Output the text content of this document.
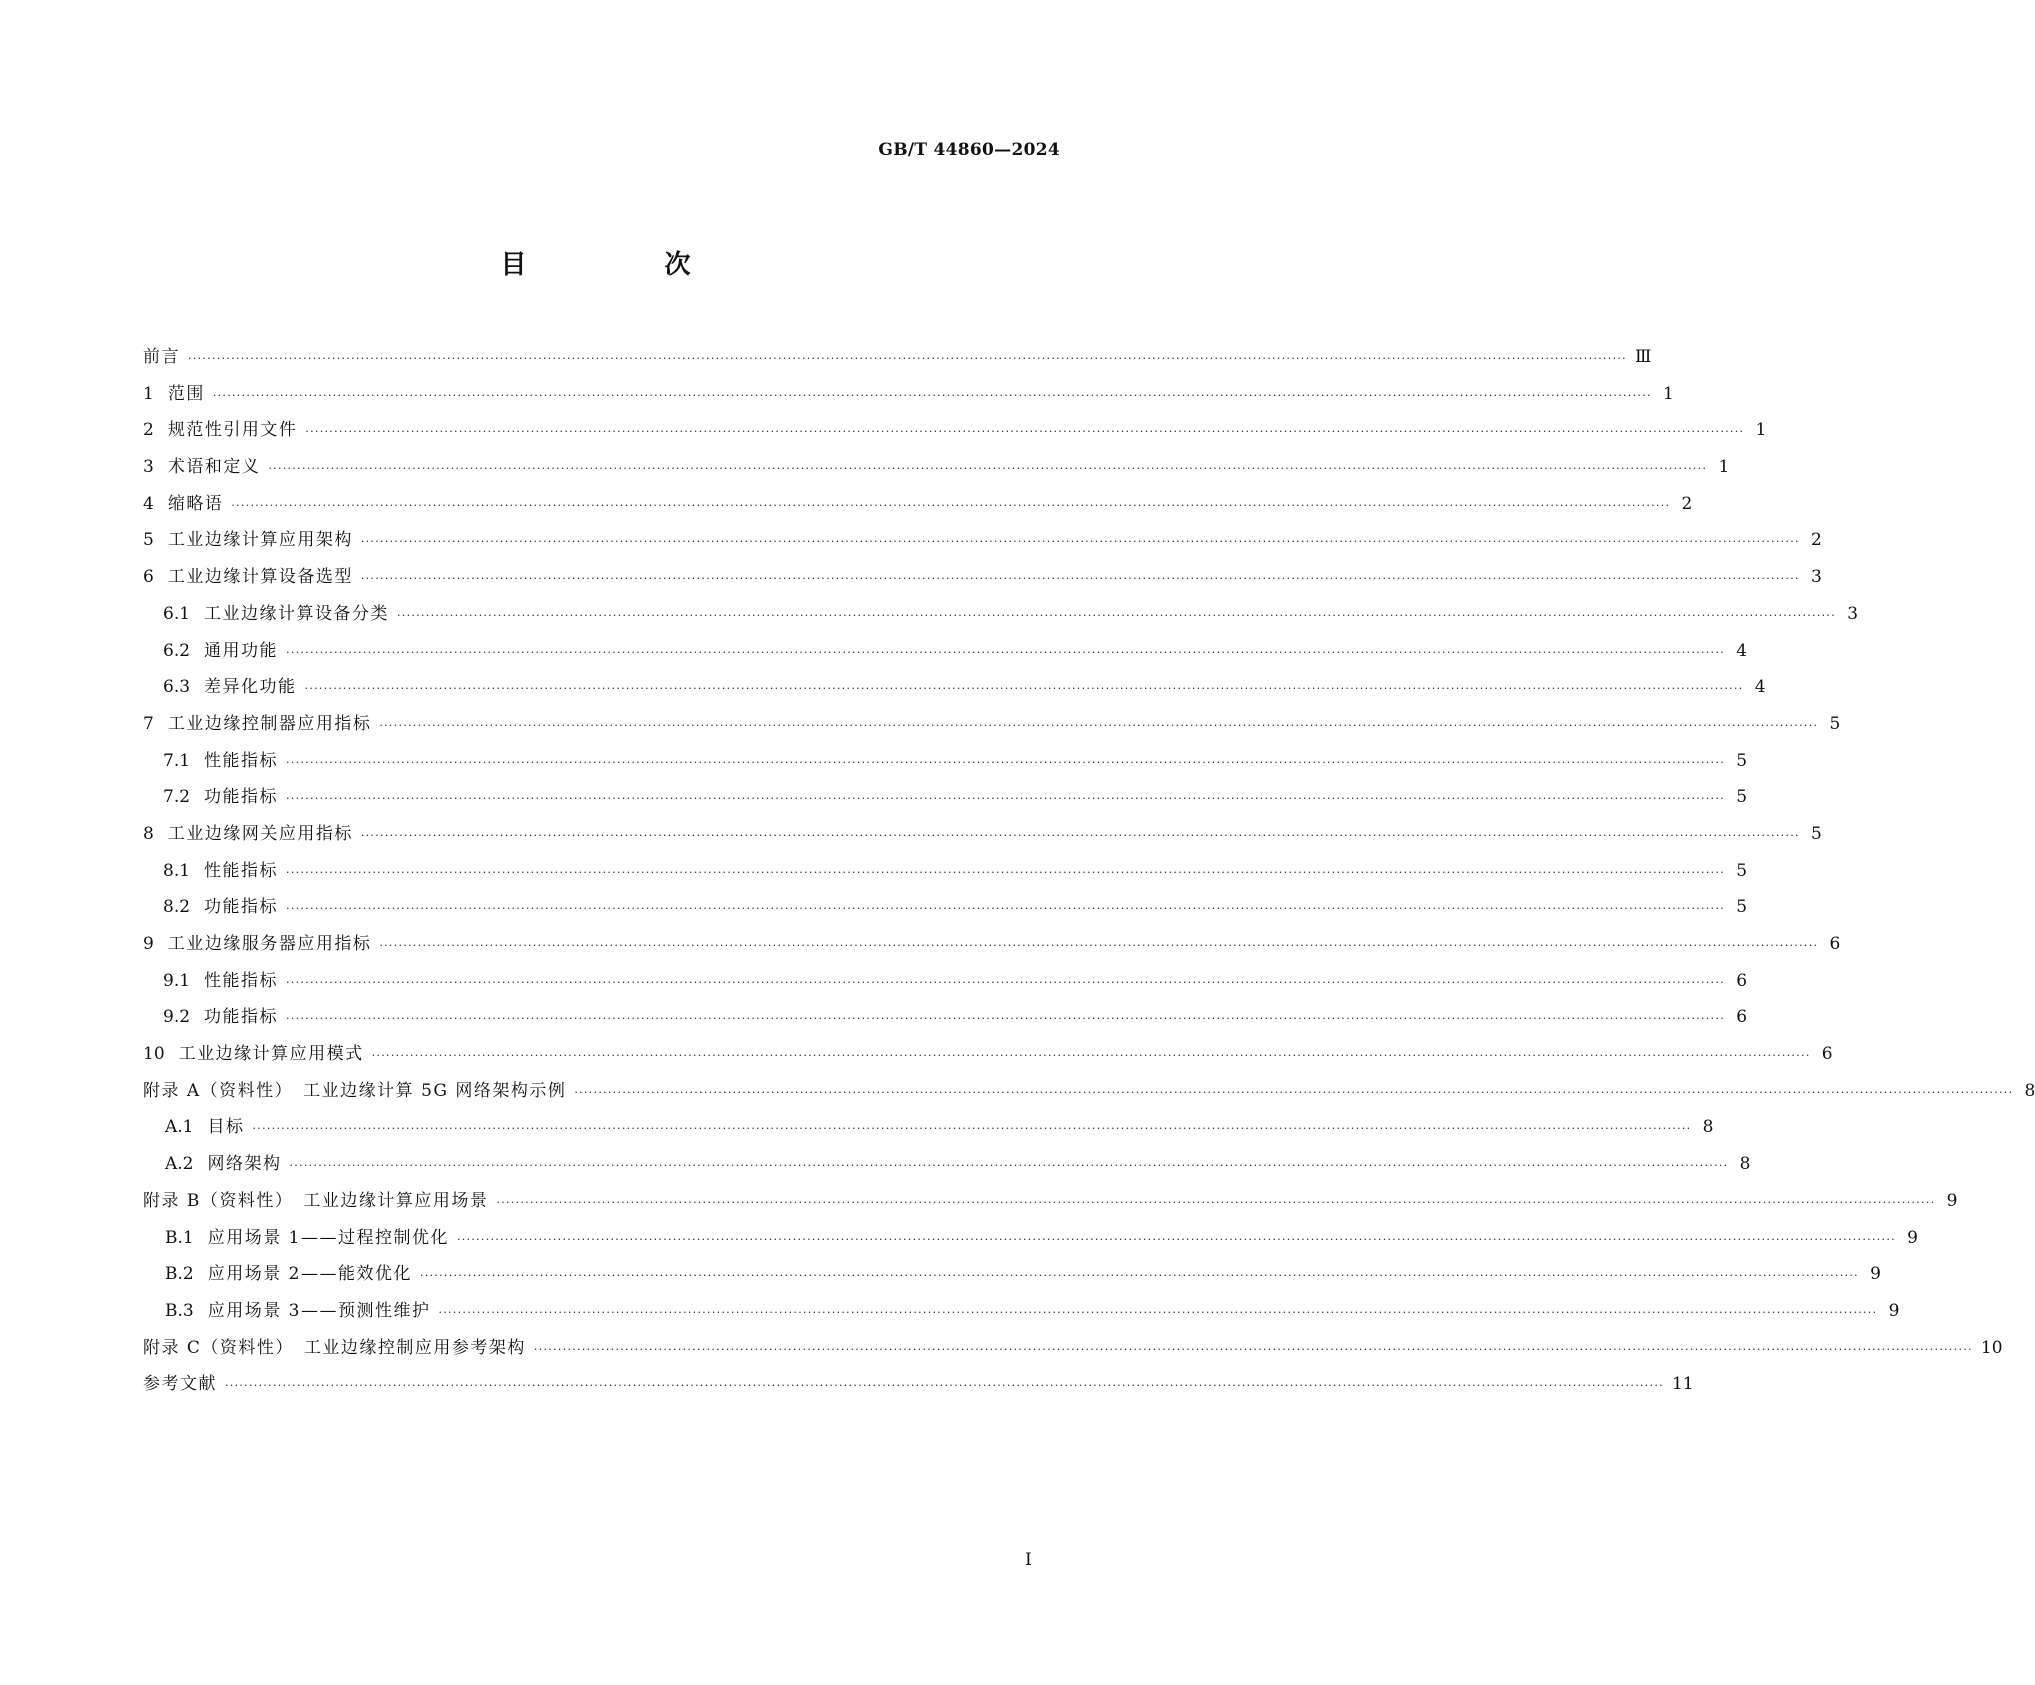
GB/T 44860—2024
目　次
前言 ············································································································································································································································································································ Ⅲ
1 范围 ············································································································································································································································································································ 1
2 规范性引用文件 ············································································································································································································································································································ 1
3 术语和定义 ············································································································································································································································································································ 1
4 缩略语 ············································································································································································································································································································ 2
5 工业边缘计算应用架构 ············································································································································································································································································································ 2
6 工业边缘计算设备选型 ············································································································································································································································································································ 3
6.1 工业边缘计算设备分类 ············································································································································································································································································································ 3
6.2 通用功能 ············································································································································································································································································································ 4
6.3 差异化功能 ············································································································································································································································································································ 4
7 工业边缘控制器应用指标 ············································································································································································································································································································ 5
7.1 性能指标 ············································································································································································································································································································ 5
7.2 功能指标 ············································································································································································································································································································ 5
8 工业边缘网关应用指标 ············································································································································································································································································································ 5
8.1 性能指标 ············································································································································································································································································································ 5
8.2 功能指标 ············································································································································································································································································································ 5
9 工业边缘服务器应用指标 ············································································································································································································································································································ 6
9.1 性能指标 ············································································································································································································································································································ 6
9.2 功能指标 ············································································································································································································································································································ 6
10 工业边缘计算应用模式 ············································································································································································································································································································ 6
附录 A（资料性）　工业边缘计算 5G 网络架构示例 ············································································································································································································································································································ 8
A.1 目标 ············································································································································································································································································································ 8
A.2 网络架构 ············································································································································································································································································································ 8
附录 B（资料性）　工业边缘计算应用场景 ············································································································································································································································································································ 9
B.1 应用场景 1——过程控制优化 ············································································································································································································································································································ 9
B.2 应用场景 2——能效优化 ············································································································································································································································································································ 9
B.3 应用场景 3——预测性维护 ············································································································································································································································································································ 9
附录 C（资料性）　工业边缘控制应用参考架构 ············································································································································································································································································································ 10
参考文献 ············································································································································································································································································································ 11
I
